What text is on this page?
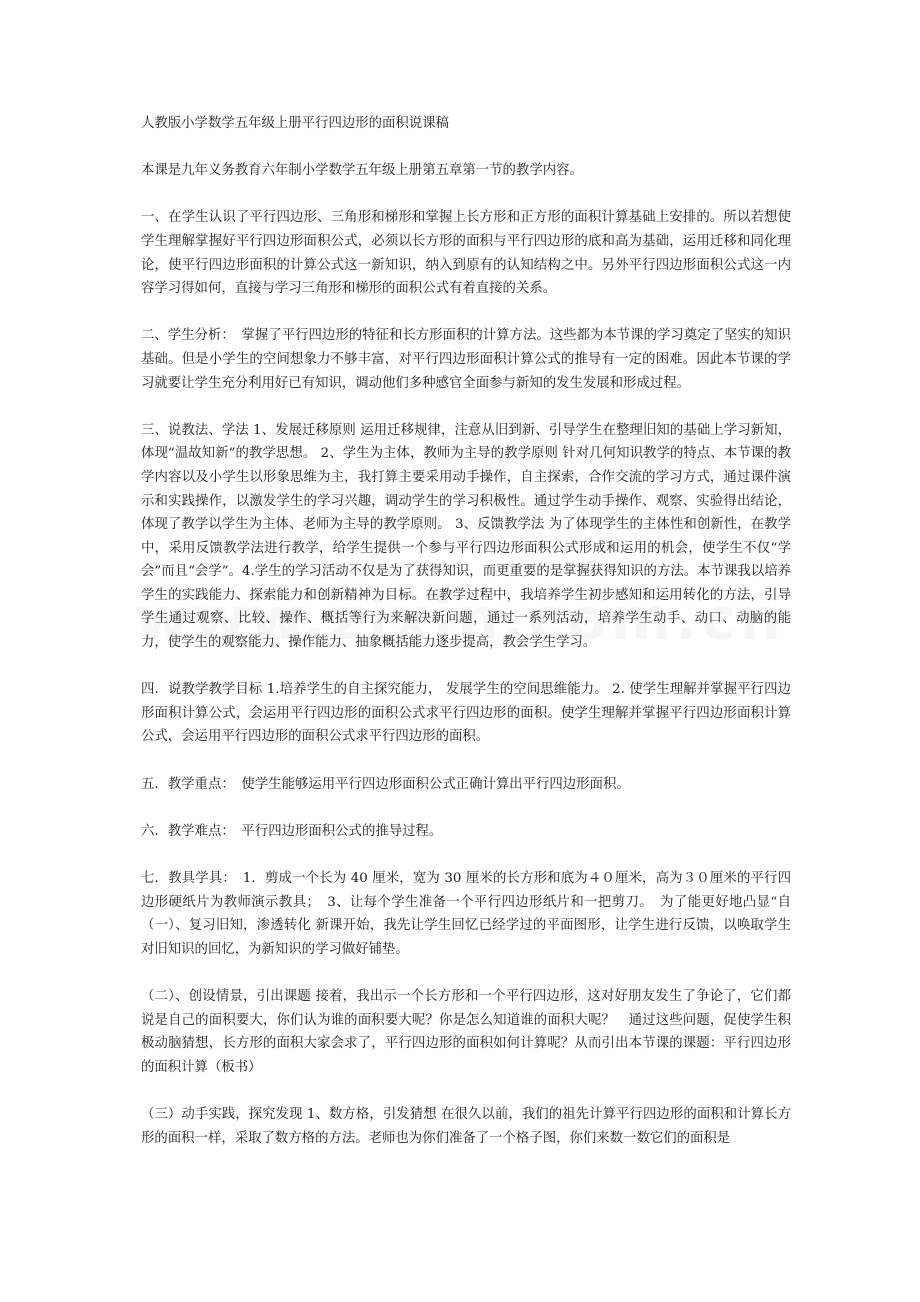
人教版小学数学五年级上册平行四边形的面积说课稿

本课是九年义务教育六年制小学数学五年级上册第五章第一节的教学内容。

一、在学生认识了平行四边形、三角形和梯形和掌握上长方形和正方形的面积计算基础上安排的。所以若想使学生理解掌握好平行四边形面积公式，必须以长方形的面积与平行四边形的底和高为基础，运用迁移和同化理论，使平行四边形面积的计算公式这一新知识，纳入到原有的认知结构之中。另外平行四边形面积公式这一内容学习得如何，直接与学习三角形和梯形的面积公式有着直接的关系。

二、学生分析：　掌握了平行四边形的特征和长方形面积的计算方法。这些都为本节课的学习奠定了坚实的知识基础。但是小学生的空间想象力不够丰富，对平行四边形面积计算公式的推导有一定的困难。因此本节课的学习就要让学生充分利用好已有知识，调动他们多种感官全面参与新知的发生发展和形成过程。

三、说教法、学法 1、发展迁移原则 运用迁移规律，注意从旧到新、引导学生在整理旧知的基础上学习新知，体现“温故知新”的教学思想。 2、学生为主体，教师为主导的教学原则 针对几何知识教学的特点、本节课的教学内容以及小学生以形象思维为主，我打算主要采用动手操作，自主探索，合作交流的学习方式，通过课件演示和实践操作，以激发学生的学习兴趣，调动学生的学习积极性。通过学生动手操作、观察、实验得出结论，体现了教学以学生为主体、老师为主导的教学原则。 3、反馈教学法 为了体现学生的主体性和创新性，在教学中，采用反馈教学法进行教学，给学生提供一个参与平行四边形面积公式形成和运用的机会，使学生不仅“学会”而且“会学”。4.学生的学习活动不仅是为了获得知识，而更重要的是掌握获得知识的方法。本节课我以培养学生的实践能力、探索能力和创新精神为目标。在教学过程中，我培养学生初步感知和运用转化的方法，引导学生通过观察、比较、操作、概括等行为来解决新问题，通过一系列活动，培养学生动手、动口、动脑的能力，使学生的观察能力、操作能力、抽象概括能力逐步提高，教会学生学习。

四．说教学教学目标 1.培养学生的自主探究能力， 发展学生的空间思维能力。 2. 使学生理解并掌握平行四边形面积计算公式，会运用平行四边形的面积公式求平行四边形的面积。使学生理解并掌握平行四边形面积计算公式，会运用平行四边形的面积公式求平行四边形的面积。

五．教学重点：　使学生能够运用平行四边形面积公式正确计算出平行四边形面积。

六．教学难点：　平行四边形面积公式的推导过程。

七．教具学具：　1．剪成一个长为 40 厘米，宽为 30 厘米的长方形和底为４０厘米，高为３０厘米的平行四边形硬纸片为教师演示教具；　3、让每个学生准备一个平行四边形纸片和一把剪刀。　为了能更好地凸显“自（一）、复习旧知，渗透转化 新课开始，我先让学生回忆已经学过的平面图形，让学生进行反馈，以唤取学生对旧知识的回忆，为新知识的学习做好铺垫。

（二）、创设情景，引出课题 接着，我出示一个长方形和一个平行四边形，这对好朋友发生了争论了，它们都说是自己的面积要大，你们认为谁的面积要大呢？你是怎么知道谁的面积大呢？　通过这些问题，促使学生积极动脑猜想，长方形的面积大家会求了，平行四边形的面积如何计算呢？从而引出本节课的课题：平行四边形的面积计算（板书）

（三）动手实践，探究发现 1、数方格，引发猜想 在很久以前，我们的祖先计算平行四边形的面积和计算长方形的面积一样，采取了数方格的方法。老师也为你们准备了一个格子图，你们来数一数它们的面积是
